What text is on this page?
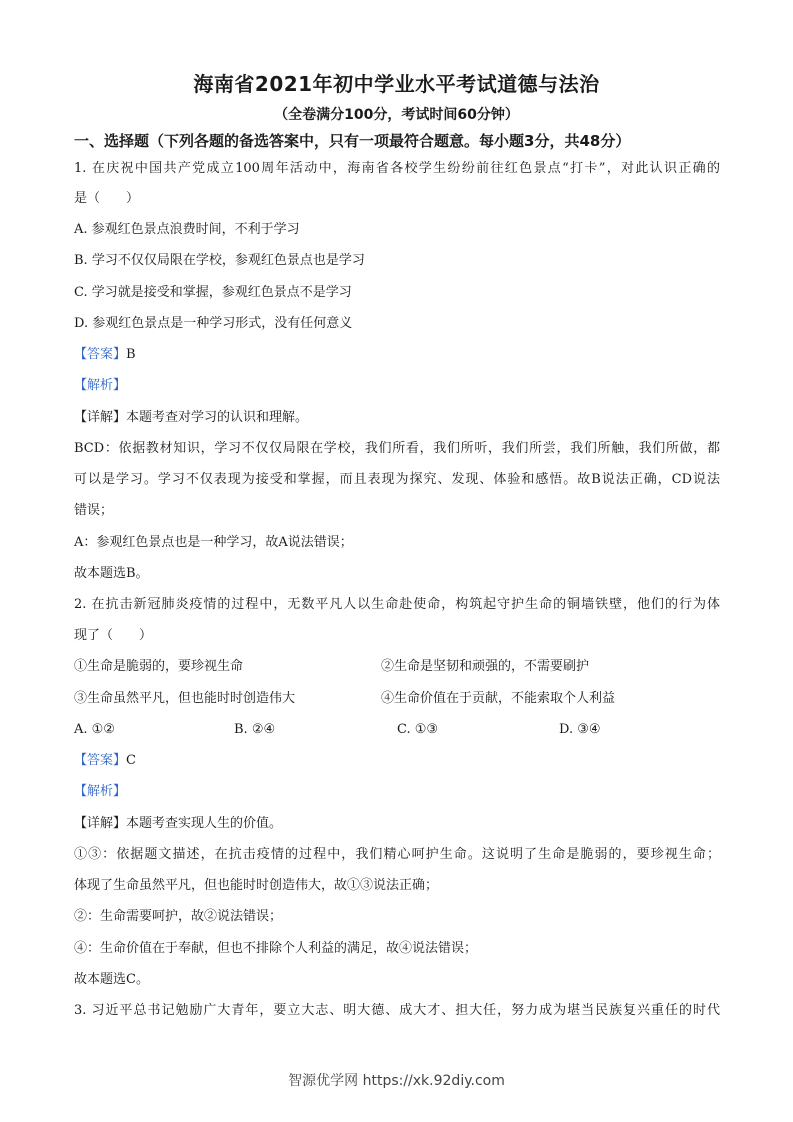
海南省2021年初中学业水平考试道德与法治
（全卷满分100分，考试时间60分钟）
一、选择题（下列各题的备选答案中，只有一项最符合题意。每小题3分，共48分）
1. 在庆祝中国共产党成立100周年活动中，海南省各校学生纷纷前往红色景点“打卡”，对此认识正确的
是（　　）
A. 参观红色景点浪费时间，不利于学习
B. 学习不仅仅局限在学校，参观红色景点也是学习
C. 学习就是接受和掌握，参观红色景点不是学习
D. 参观红色景点是一种学习形式，没有任何意义
【答案】B
【解析】
【详解】本题考查对学习的认识和理解。
BCD：依据教材知识，学习不仅仅局限在学校，我们所看，我们所听，我们所尝，我们所触，我们所做，都
可以是学习。学习不仅表现为接受和掌握，而且表现为探究、发现、体验和感悟。故B说法正确，CD说法
错误；
A：参观红色景点也是一种学习，故A说法错误；
故本题选B。
2. 在抗击新冠肺炎疫情的过程中，无数平凡人以生命赴使命，构筑起守护生命的铜墙铁壁，他们的行为体
现了（　　）
①生命是脆弱的，要珍视生命	②生命是坚韧和顽强的，不需要刷护
③生命虽然平凡，但也能时时创造伟大	④生命价值在于贡献，不能索取个人利益
A. ①②	B. ②④	C. ①③	D. ③④
【答案】C
【解析】
【详解】本题考查实现人生的价值。
①③：依据题文描述，在抗击疫情的过程中，我们精心呵护生命。这说明了生命是脆弱的，要珍视生命；
体现了生命虽然平凡，但也能时时创造伟大，故①③说法正确；
②：生命需要呵护，故②说法错误；
④：生命价值在于奉献，但也不排除个人利益的满足，故④说法错误；
故本题选C。
3. 习近平总书记勉励广大青年，要立大志、明大德、成大才、担大任，努力成为堪当民族复兴重任的时代
智源优学网 https://xk.92diy.com
